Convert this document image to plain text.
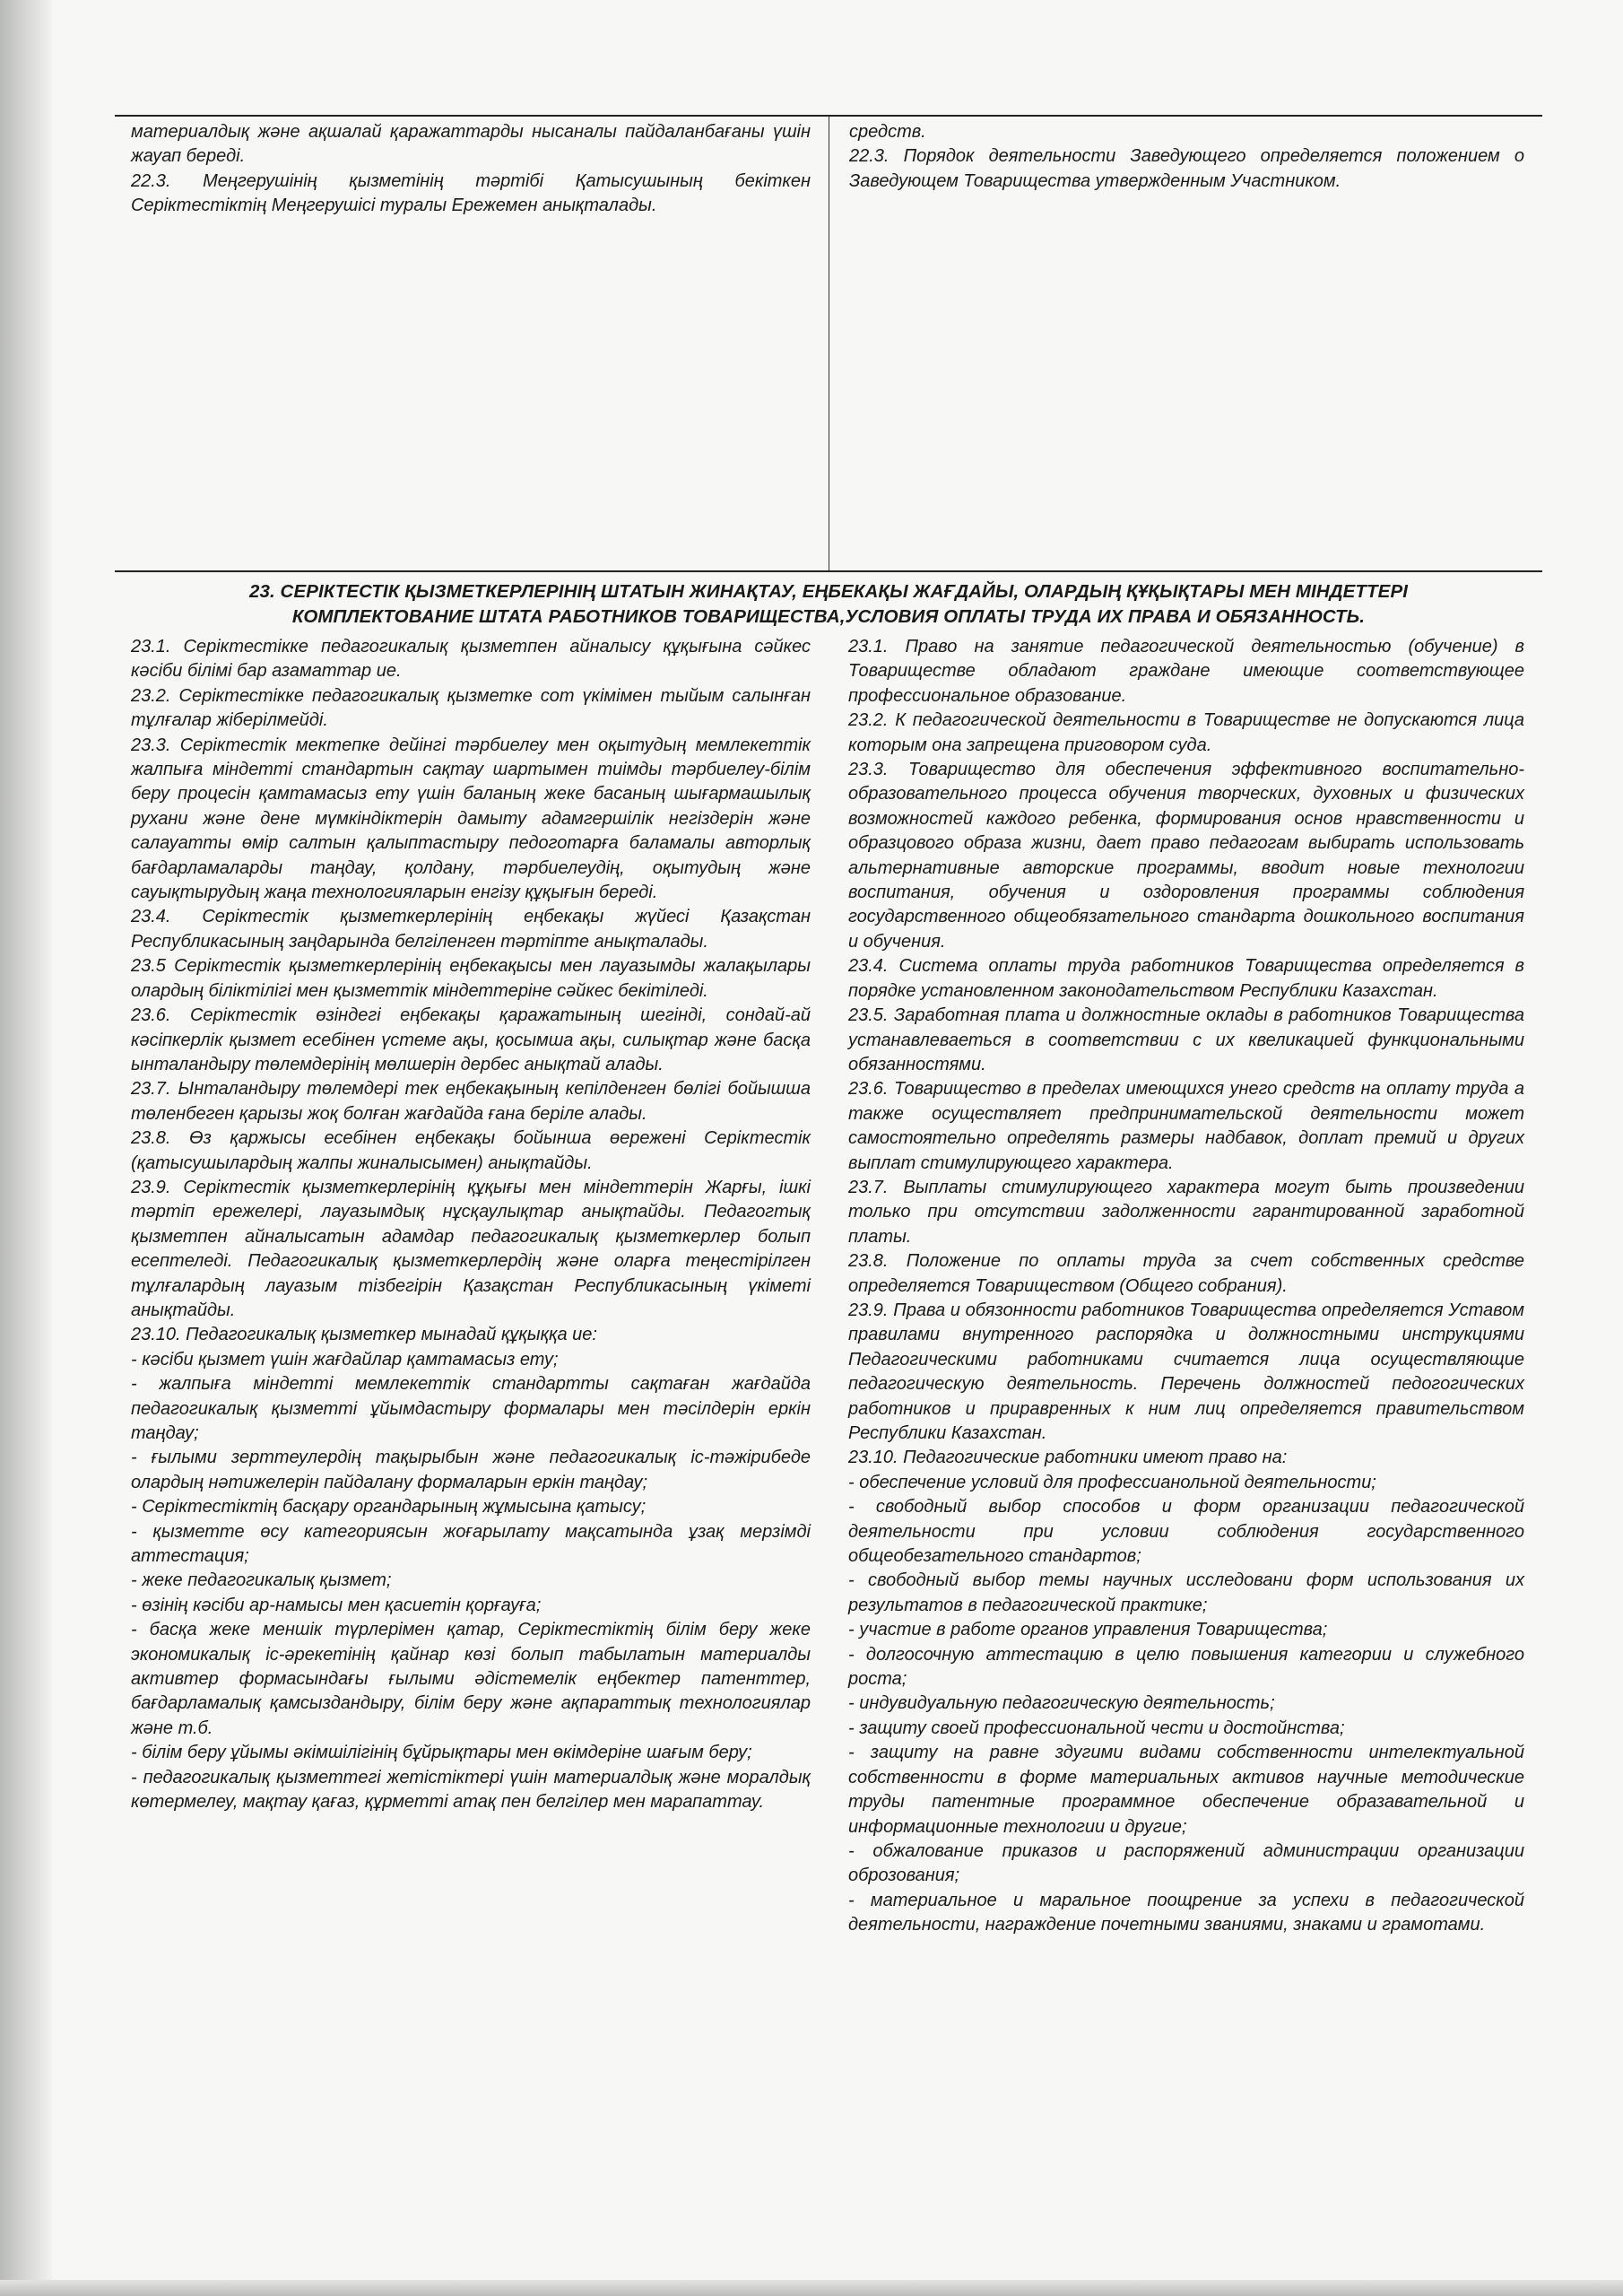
материалдық және ақшалай қаражаттарды нысаналы пайдаланбағаны үшін жауап береді.

22.3. Меңгерушінің қызметінің тәртібі Қатысушының бекіткен Серіктестіктің Меңгерушісі туралы Ережемен анықталады.

средств.

22.3. Порядок деятельности Заведующего определяется положением о Заведующем Товарищества утвержденным Участником.

23. СЕРІКТЕСТІК ҚЫЗМЕТКЕРЛЕРІНІҢ ШТАТЫН ЖИНАҚТАУ, ЕҢБЕКАҚЫ ЖАҒДАЙЫ, ОЛАРДЫҢ ҚҰҚЫҚТАРЫ МЕН МІНДЕТТЕРІ
КОМПЛЕКТОВАНИЕ ШТАТА РАБОТНИКОВ ТОВАРИЩЕСТВА,УСЛОВИЯ ОПЛАТЫ ТРУДА ИХ ПРАВА И ОБЯЗАННОСТЬ.

23.1. Серіктестікке педагогикалық қызметпен айналысу құқығына сәйкес кәсіби білімі бар азаматтар ие.

23.2. Серіктестікке педагогикалық қызметке сот үкімімен тыйым салынған тұлғалар жіберілмейді.

23.3. Серіктестік мектепке дейінгі тәрбиелеу мен оқытудың мемлекеттік жалпыға міндетті стандартын сақтау шартымен тиімды тәрбиелеу-білім беру процесін қамтамасыз ету үшін баланың жеке басаның шығармашылық рухани және дене мүмкіндіктерін дамыту адамгершілік негіздерін және салауатты өмір салтын қалыптастыру педоготарға баламалы авторлық бағдарламаларды таңдау, қолдану, тәрбиелеудің, оқытудың және сауықтырудың жаңа технологияларын енгізу құқығын береді.

23.4. Серіктестік қызметкерлерінің еңбекақы жүйесі Қазақстан Республикасының заңдарында белгіленген тәртіпте анықталады.

23.5 Серіктестік қызметкерлерінің еңбекақысы мен лауазымды жалақылары олардың біліктілігі мен қызметтік міндеттеріне сәйкес бекітіледі.

23.6. Серіктестік өзіндегі еңбекақы қаражатының шегінді, сондай-ай кәсіпкерлік қызмет есебінен үстеме ақы, қосымша ақы, силықтар және басқа ынталандыру төлемдерінің мөлшерін дербес анықтай алады.

23.7. Ынталандыру төлемдері тек еңбекақының кепілденген бөлігі бойышша төленбеген қарызы жоқ болған жағдайда ғана беріле алады.

23.8. Өз қаржысы есебінен еңбекақы бойынша өережені Серіктестік (қатысушылардың жалпы жиналысымен) анықтайды.

23.9. Серіктестік қызметкерлерінің құқығы мен міндеттерін Жарғы, ішкі тәртіп ережелері, лауазымдық нұсқаулықтар анықтайды. Педагогтық қызметпен айналысатын адамдар педагогикалық қызметкерлер болып есептеледі. Педагогикалық қызметкерлердің және оларға теңестірілген тұлғалардың лауазым тізбегірін Қазақстан Республикасының үкіметі анықтайды.

23.10. Педагогикалық қызметкер мынадай құқыққа ие:

- кәсіби қызмет үшін жағдайлар қамтамасыз ету;

- жалпыға міндетті мемлекеттік стандартты сақтаған жағдайда педагогикалық қызметті ұйымдастыру формалары мен тәсілдерін еркін таңдау;

- ғылыми зерттеулердің тақырыбын және педагогикалық іс-тәжірибеде олардың нәтижелерін пайдалану формаларын еркін таңдау;

- Серіктестіктің басқару органдарының жұмысына қатысу;

- қызметте өсу категориясын жоғарылату мақсатында ұзақ мерзімді аттестация;

- жеке педагогикалық қызмет;

- өзінің кәсіби ар-намысы мен қасиетін қорғауға;

- басқа жеке меншік түрлерімен қатар, Серіктестіктің білім беру жеке экономикалық іс-әрекетінің қайнар көзі болып табылатын материалды активтер формасындағы ғылыми әдістемелік еңбектер патенттер, бағдарламалық қамсыздандыру, білім беру және ақпараттық технологиялар және т.б.

- білім беру ұйымы әкімшілігінің бұйрықтары мен өкімдеріне шағым беру;

- педагогикалық қызметтегі жетістіктері үшін материалдық және моралдық көтермелеу, мақтау қағаз, құрметті атақ пен белгілер мен марапаттау.

23.1. Право на занятие педагогической деятельностью (обучение) в Товариществе обладают граждане имеющие соответствующее профессиональное образование.

23.2. К педагогической деятельности в Товариществе не допускаются лица которым она запрещена приговором суда.

23.3. Товарищество для обеспечения эффективного воспитательно-образовательного процесса обучения творческих, духовных и физических возможностей каждого ребенка, формирования основ нравственности и образцового образа жизни, дает право педагогам выбирать использовать альтернативные авторские программы, вводит новые технологии воспитания, обучения и оздоровления программы соблюдения государственного общеобязательного стандарта дошкольного воспитания и обучения.

23.4. Система оплаты труда работников Товарищества определяется в порядке установленном законодательством Республики Казахстан.

23.5. Заработная плата и должностные оклады в работников Товарищества устанавлеваеться в соответствии с их квеликацией функциональными обязанностями.

23.6. Товарищество в пределах имеющихся унего средств на оплату труда а также осуществляет предпринимательской деятельности может самостоятельно определять размеры надбавок, доплат премий и других выплат стимулирующего характера.

23.7. Выплаты стимулирующего характера могут быть произведении только при отсутствии задолженности гарантированной заработной платы.

23.8. Положение по оплаты труда за счет собственных средстве определяется Товариществом (Общего собрания).

23.9. Права и обязонности работников Товарищества определяется Уставом правилами внутренного распорядка и должностными инструкциями Педагогическими работниками считается лица осуществляющие педагогическую деятельность. Перечень должностей педогогических работников и приравренных к ним лиц определяется правительством Республики Казахстан.

23.10. Педагогические работники имеют право на:

- обеспечение условий для профессианольной деятельности;

- свободный выбор способов и форм организации педагогической деятельности при условии соблюдения государственного общеобезательного стандартов;

- свободный выбор темы научных исследовани форм использования их результатов в педагогической практике;

- участие в работе органов управления Товарищества;

- долгосочную аттестацию в целю повышения категории и служебного роста;

- индувидуальную педагогическую деятельность;

- защиту своей профессиональной чести и достойнства;

- защиту на равне здугими видами собственности интелектуальной собственности в форме материальных активов научные методические труды патентные программное обеспечение образавательной и информационные технологии и другие;

- обжалование приказов и распоряжений администрации организации оброзования;

- материальное и маральное поощрение за успехи в педагогической деятельности, награждение почетными званиями, знаками и грамотами.
